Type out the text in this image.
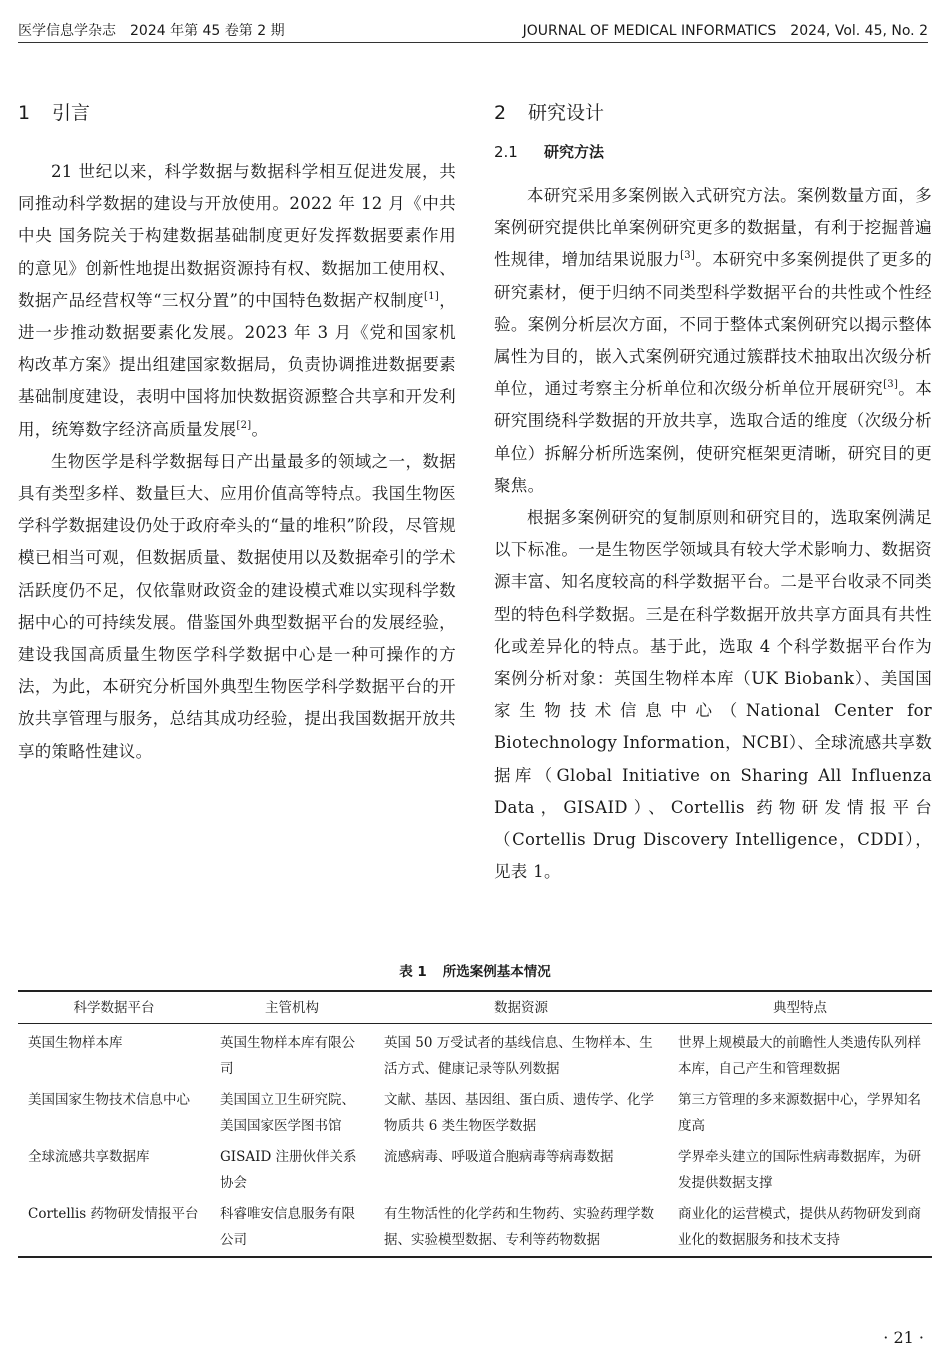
医学信息学杂志　2024 年第 45 卷第 2 期	JOURNAL OF MEDICAL INFORMATICS　2024, Vol. 45, No. 2
1 引言

21 世纪以来，科学数据与数据科学相互促进发展，共同推动科学数据的建设与开放使用。2022 年 12 月《中共中央 国务院关于构建数据基础制度更好发挥数据要素作用的意见》创新性地提出数据资源持有权、数据加工使用权、数据产品经营权等“三权分置”的中国特色数据产权制度[1]，进一步推动数据要素化发展。2023 年 3 月《党和国家机构改革方案》提出组建国家数据局，负责协调推进数据要素基础制度建设，表明中国将加快数据资源整合共享和开发利用，统筹数字经济高质量发展[2]。

生物医学是科学数据每日产出量最多的领域之一，数据具有类型多样、数量巨大、应用价值高等特点。我国生物医学科学数据建设仍处于政府牵头的“量的堆积”阶段，尽管规模已相当可观，但数据质量、数据使用以及数据牵引的学术活跃度仍不足，仅依靠财政资金的建设模式难以实现科学数据中心的可持续发展。借鉴国外典型数据平台的发展经验，建设我国高质量生物医学科学数据中心是一种可操作的方法，为此，本研究分析国外典型生物医学科学数据平台的开放共享管理与服务，总结其成功经验，提出我国数据开放共享的策略性建议。

2 研究设计
2.1 研究方法

本研究采用多案例嵌入式研究方法。案例数量方面，多案例研究提供比单案例研究更多的数据量，有利于挖掘普遍性规律，增加结果说服力[3]。本研究中多案例提供了更多的研究素材，便于归纳不同类型科学数据平台的共性或个性经验。案例分析层次方面，不同于整体式案例研究以揭示整体属性为目的，嵌入式案例研究通过簇群技术抽取出次级分析单位，通过考察主分析单位和次级分析单位开展研究[3]。本研究围绕科学数据的开放共享，选取合适的维度（次级分析单位）拆解分析所选案例，使研究框架更清晰，研究目的更聚焦。

根据多案例研究的复制原则和研究目的，选取案例满足以下标准。一是生物医学领域具有较大学术影响力、数据资源丰富、知名度较高的科学数据平台。二是平台收录不同类型的特色科学数据。三是在科学数据开放共享方面具有共性化或差异化的特点。基于此，选取 4 个科学数据平台作为案例分析对象：英国生物样本库（UK Biobank）、美国国家生物技术信息中心（National Center for Biotechnology Information，NCBI）、全球流感共享数据库（Global Initiative on Sharing All Influenza Data，GISAID）、Cortellis 药物研发情报平台（Cortellis Drug Discovery Intelligence，CDDI），见表 1。

表 1 所选案例基本情况
科学数据平台	主管机构	数据资源	典型特点
英国生物样本库	英国生物样本库有限公司	英国 50 万受试者的基线信息、生物样本、生活方式、健康记录等队列数据	世界上规模最大的前瞻性人类遗传队列样本库，自己产生和管理数据
美国国家生物技术信息中心	美国国立卫生研究院、美国国家医学图书馆	文献、基因、基因组、蛋白质、遗传学、化学物质共 6 类生物医学数据	第三方管理的多来源数据中心，学界知名度高
全球流感共享数据库	GISAID 注册伙伴关系协会	流感病毒、呼吸道合胞病毒等病毒数据	学界牵头建立的国际性病毒数据库，为研发提供数据支撑
Cortellis 药物研发情报平台	科睿唯安信息服务有限公司	有生物活性的化学药和生物药、实验药理学数据、实验模型数据、专利等药物数据	商业化的运营模式，提供从药物研发到商业化的数据服务和技术支持
· 21 ·
